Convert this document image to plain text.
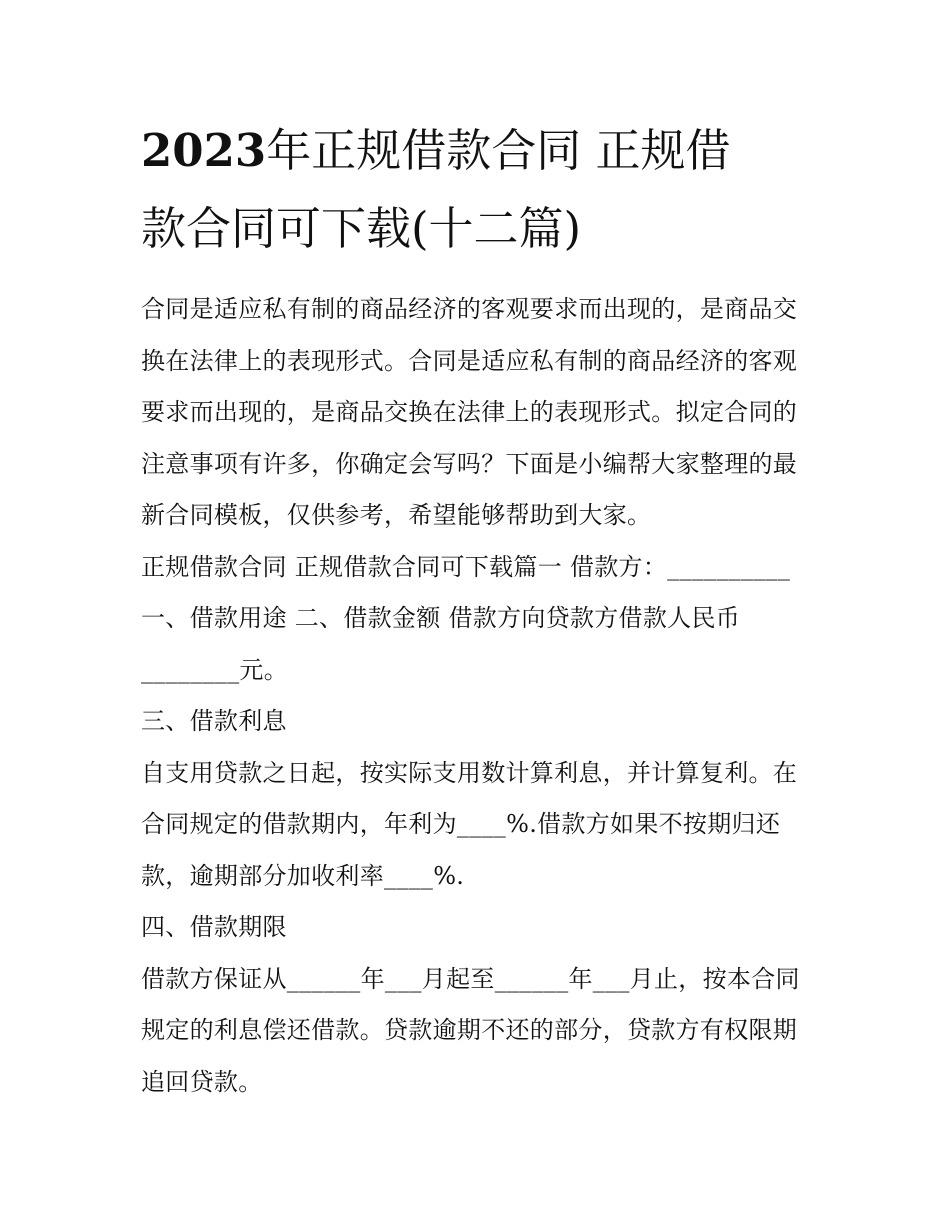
2023年正规借款合同 正规借
款合同可下载(十二篇)

合同是适应私有制的商品经济的客观要求而出现的，是商品交换在法律上的表现形式。合同是适应私有制的商品经济的客观要求而出现的，是商品交换在法律上的表现形式。拟定合同的注意事项有许多，你确定会写吗？下面是小编帮大家整理的最新合同模板，仅供参考，希望能够帮助到大家。

正规借款合同 正规借款合同可下载篇一 借款方：__________

一、借款用途 二、借款金额 借款方向贷款方借款人民币

________元。

三、借款利息

自支用贷款之日起，按实际支用数计算利息，并计算复利。在合同规定的借款期内，年利为____%.借款方如果不按期归还款，逾期部分加收利率____%.

四、借款期限

借款方保证从______年___月起至______年___月止，按本合同规定的利息偿还借款。贷款逾期不还的部分，贷款方有权限期追回贷款。
